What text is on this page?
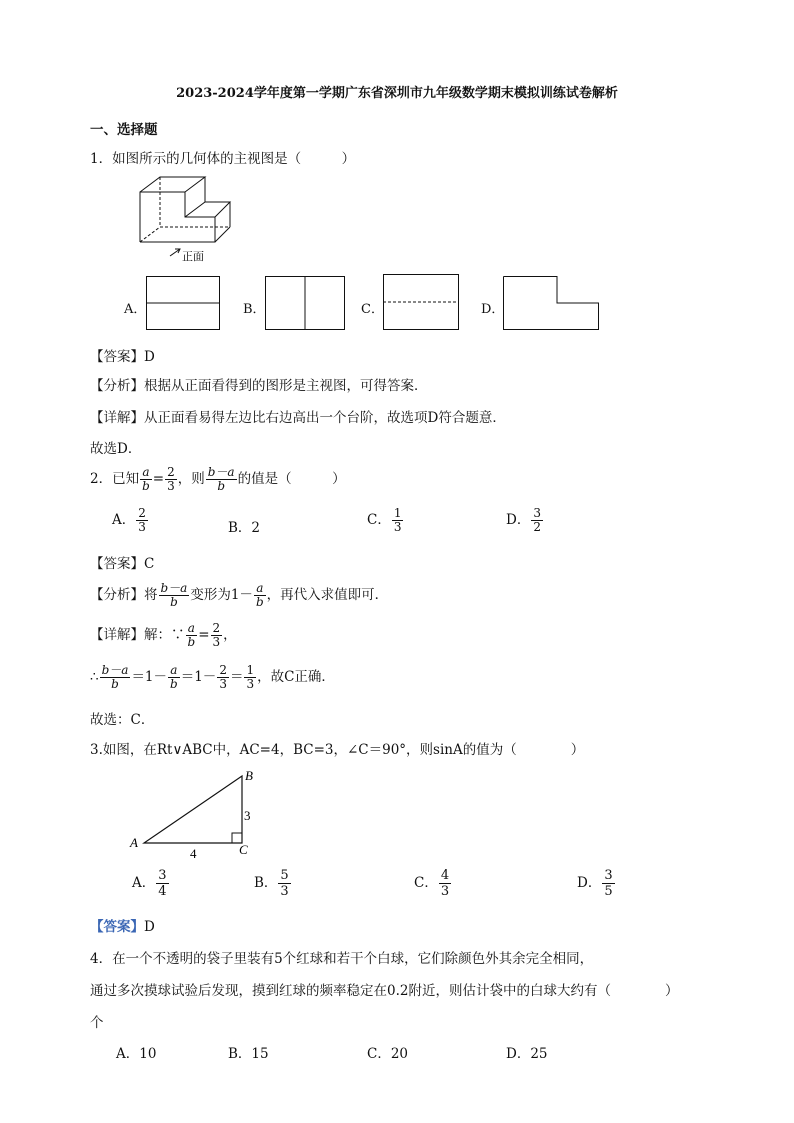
2023-2024学年度第一学期广东省深圳市九年级数学期末模拟训练试卷解析
一、选择题
1．如图所示的几何体的主视图是（　　　）
正面
A．	B．	C．	D．
【答案】D
【分析】根据从正面看得到的图形是主视图，可得答案．
【详解】从正面看易得左边比右边高出一个台阶，故选项D符合题意．
故选D．
2．已知 $\frac{a}{b} = \frac{2}{3}$ ，则 $\frac{b-a}{b}$ 的值是（　　　）
A． $\frac{2}{3}$	B．2	C． $\frac{1}{3}$	D． $\frac{3}{2}$
【答案】C
【分析】将 $\frac{b-a}{b}$ 变形为$1- \frac{a}{b}$ ，再代入求值即可．
【详解】解：∵ $\frac{a}{b} = \frac{2}{3}$ ，
∴ $\frac{b-a}{b} =1- \frac{a}{b} =1- \frac{2}{3} = \frac{1}{3}$ ，故C正确．
故选：C．
3.如图，在Rt∨ABC中，AC=4，BC=3，∠C＝90°，则sinA的值为（　　　　）
A
B
C
3
4
A． $\frac{3}{4}$	B． $\frac{5}{3}$	C． $\frac{4}{3}$	D． $\frac{3}{5}$
【答案】D
4．在一个不透明的袋子里装有5个红球和若干个白球，它们除颜色外其余完全相同，
通过多次摸球试验后发现，摸到红球的频率稳定在0.2附近，则估计袋中的白球大约有（　　　　）
个
A．10	B．15	C．20	D．25
